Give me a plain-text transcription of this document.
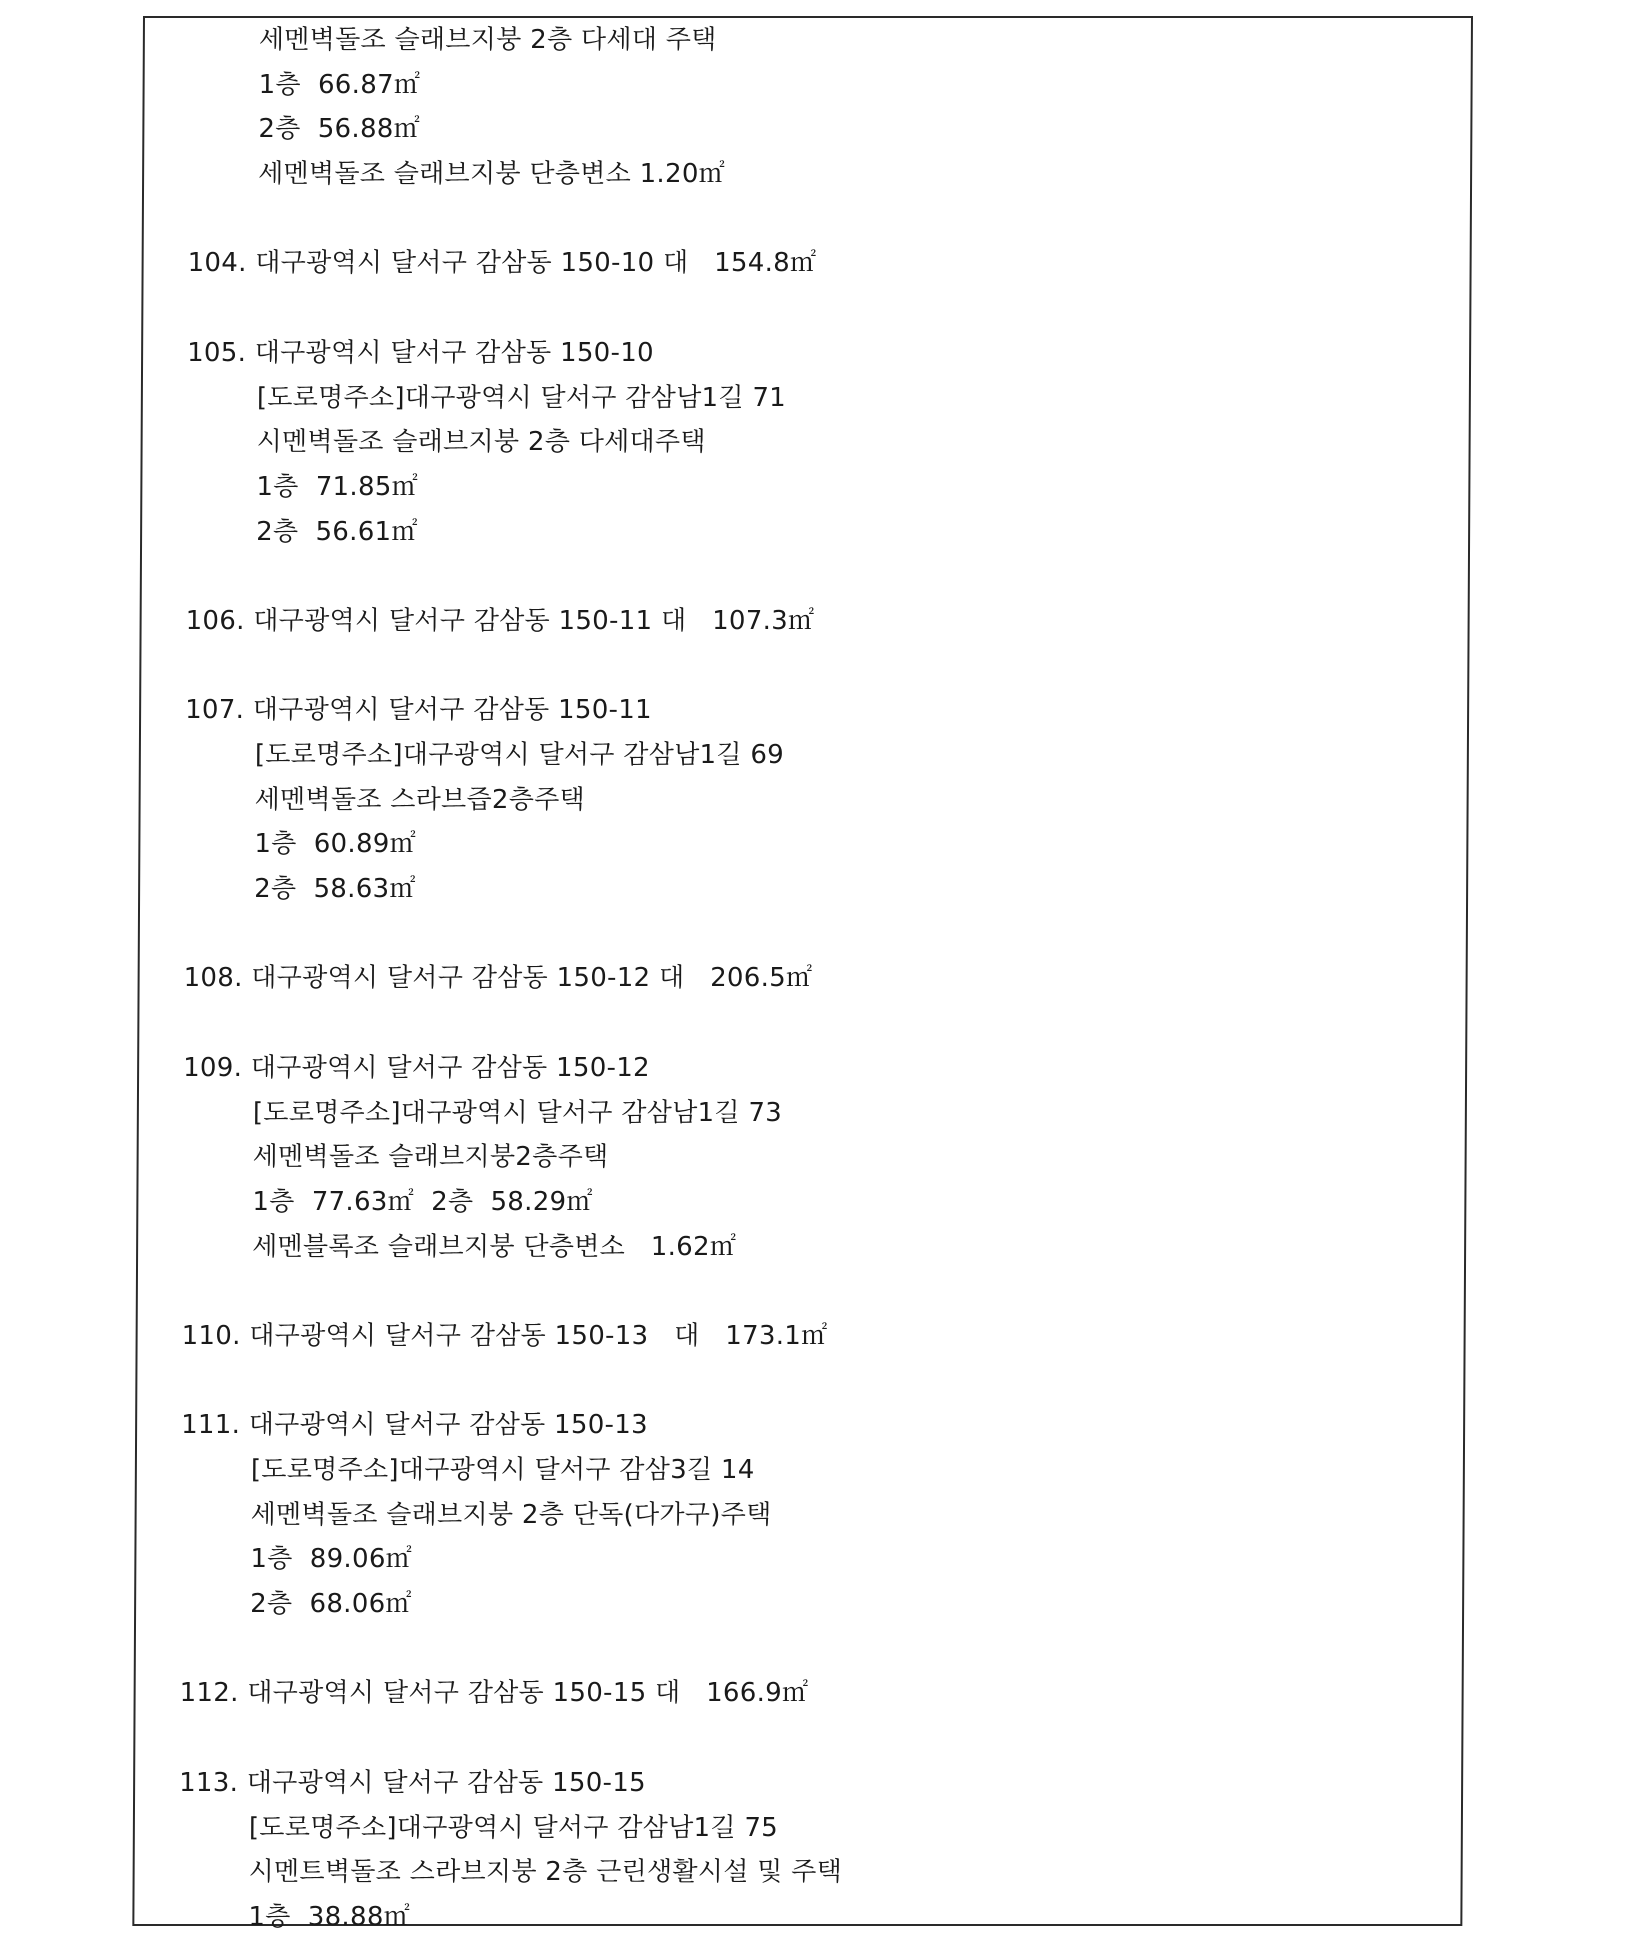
세멘벽돌조 슬래브지붕 2층 다세대 주택
1층  66.87㎡
2층  56.88㎡
세멘벽돌조 슬래브지붕 단층변소 1.20㎡
104. 대구광역시 달서구 감삼동 150-10 대   154.8㎡
105. 대구광역시 달서구 감삼동 150-10
[도로명주소]대구광역시 달서구 감삼남1길 71
시멘벽돌조 슬래브지붕 2층 다세대주택
1층  71.85㎡
2층  56.61㎡
106. 대구광역시 달서구 감삼동 150-11 대   107.3㎡
107. 대구광역시 달서구 감삼동 150-11
[도로명주소]대구광역시 달서구 감삼남1길 69
세멘벽돌조 스라브즙2층주택
1층  60.89㎡
2층  58.63㎡
108. 대구광역시 달서구 감삼동 150-12 대   206.5㎡
109. 대구광역시 달서구 감삼동 150-12
[도로명주소]대구광역시 달서구 감삼남1길 73
세멘벽돌조 슬래브지붕2층주택
1층  77.63㎡  2층  58.29㎡
세멘블록조 슬래브지붕 단층변소   1.62㎡
110. 대구광역시 달서구 감삼동 150-13   대   173.1㎡
111. 대구광역시 달서구 감삼동 150-13
[도로명주소]대구광역시 달서구 감삼3길 14
세멘벽돌조 슬래브지붕 2층 단독(다가구)주택
1층  89.06㎡
2층  68.06㎡
112. 대구광역시 달서구 감삼동 150-15 대   166.9㎡
113. 대구광역시 달서구 감삼동 150-15
[도로명주소]대구광역시 달서구 감삼남1길 75
시멘트벽돌조 스라브지붕 2층 근린생활시설 및 주택
1층  38.88㎡
